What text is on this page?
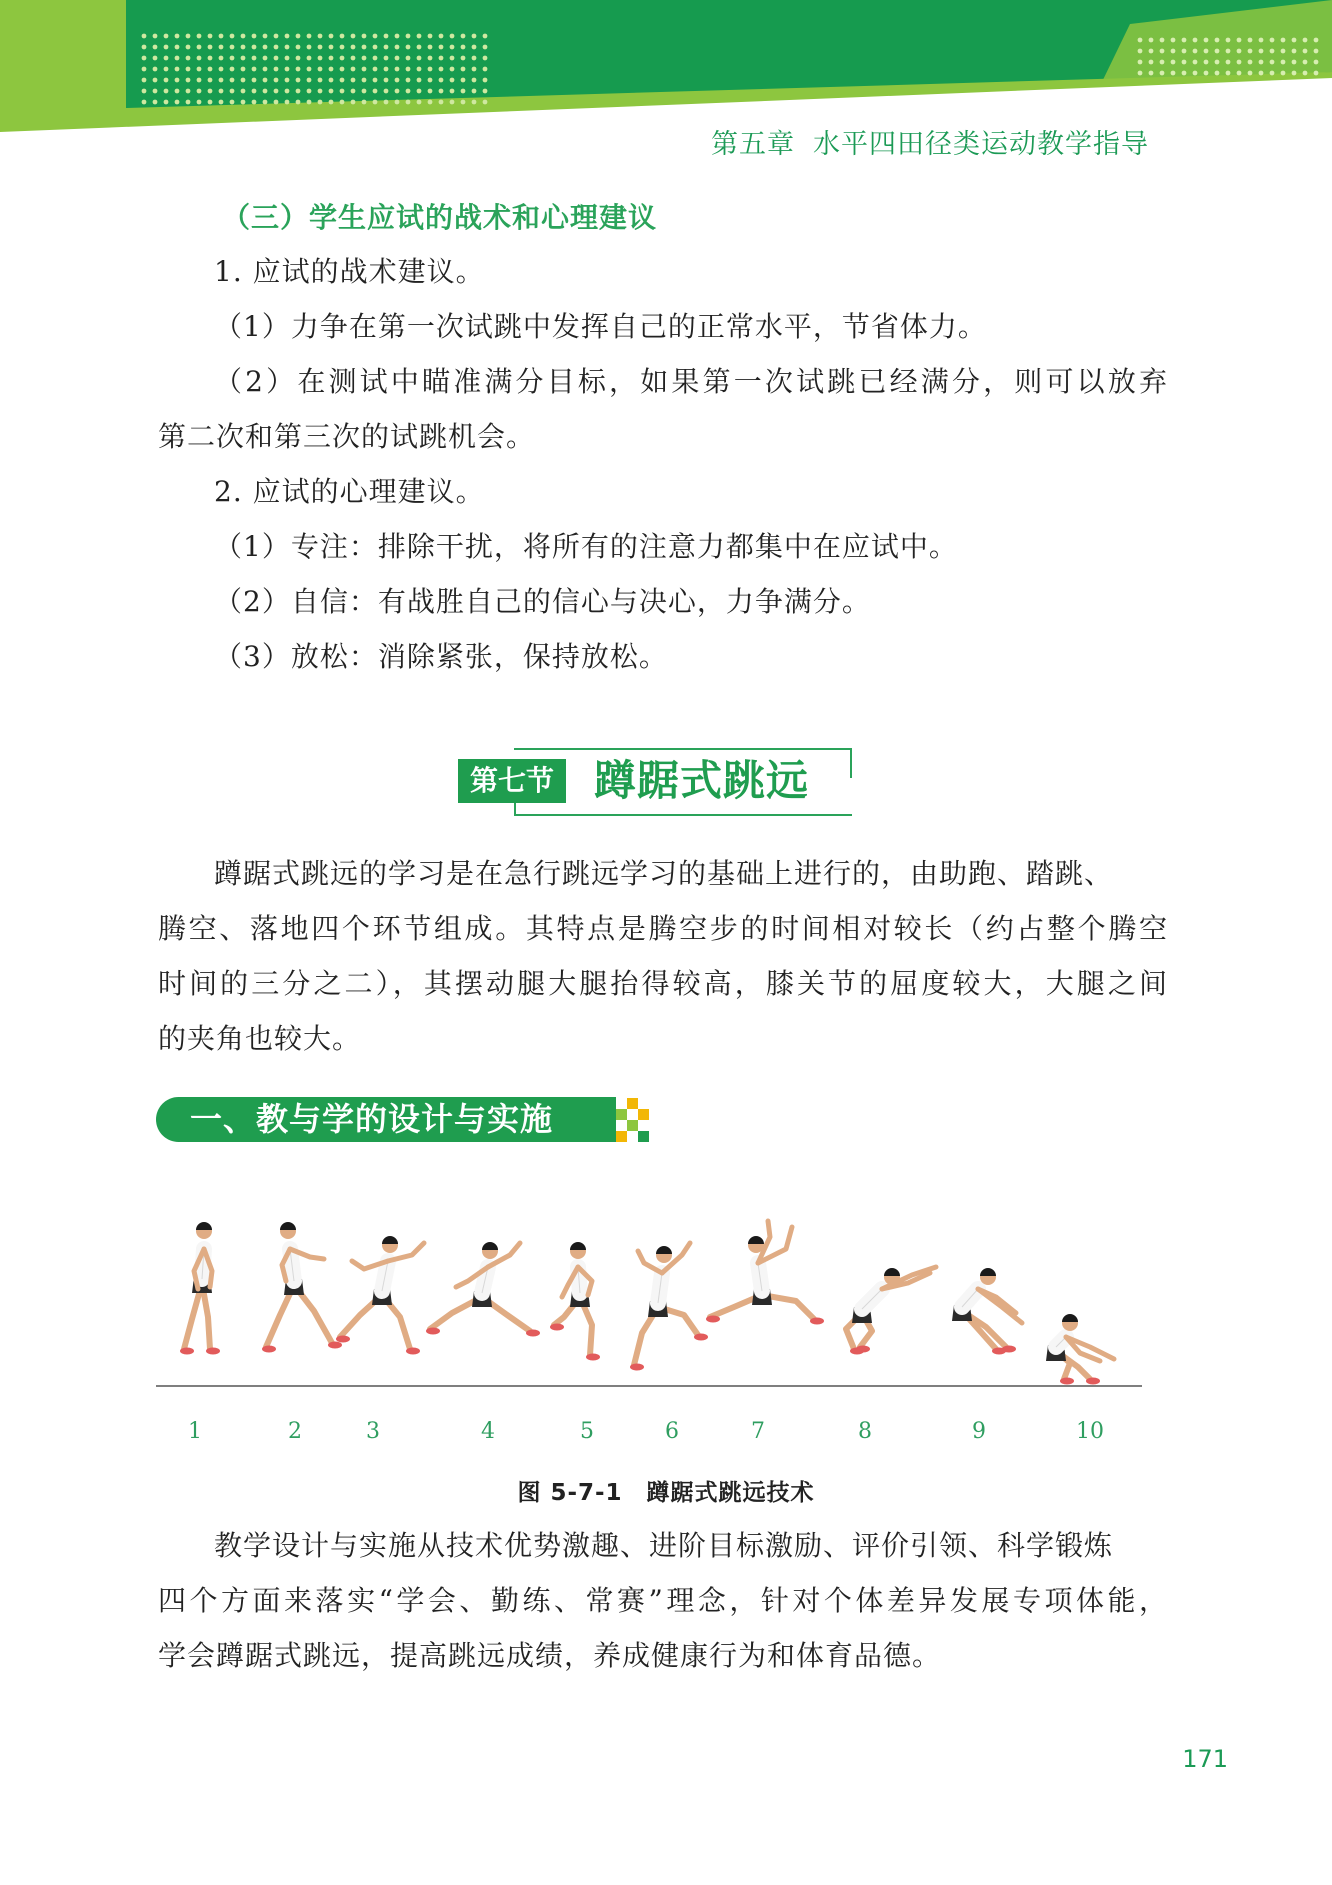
第五章 水平四田径类运动教学指导
（三）学生应试的战术和心理建议
1. 应试的战术建议。
（1）力争在第一次试跳中发挥自己的正常水平，节省体力。
（2）在测试中瞄准满分目标，如果第一次试跳已经满分，则可以放弃
第二次和第三次的试跳机会。
2. 应试的心理建议。
（1）专注：排除干扰，将所有的注意力都集中在应试中。
（2）自信：有战胜自己的信心与决心，力争满分。
（3）放松：消除紧张，保持放松。
第七节 蹲踞式跳远
蹲踞式跳远的学习是在急行跳远学习的基础上进行的，由助跑、踏跳、
腾空、落地四个环节组成。其特点是腾空步的时间相对较长（约占整个腾空
时间的三分之二），其摆动腿大腿抬得较高，膝关节的屈度较大，大腿之间
的夹角也较大。
一、教与学的设计与实施
1	2	3	4	5	6	7	8	9	10
图 5-7-1 蹲踞式跳远技术
教学设计与实施从技术优势激趣、进阶目标激励、评价引领、科学锻炼
四个方面来落实“学会、勤练、常赛”理念，针对个体差异发展专项体能，
学会蹲踞式跳远，提高跳远成绩，养成健康行为和体育品德。
171
